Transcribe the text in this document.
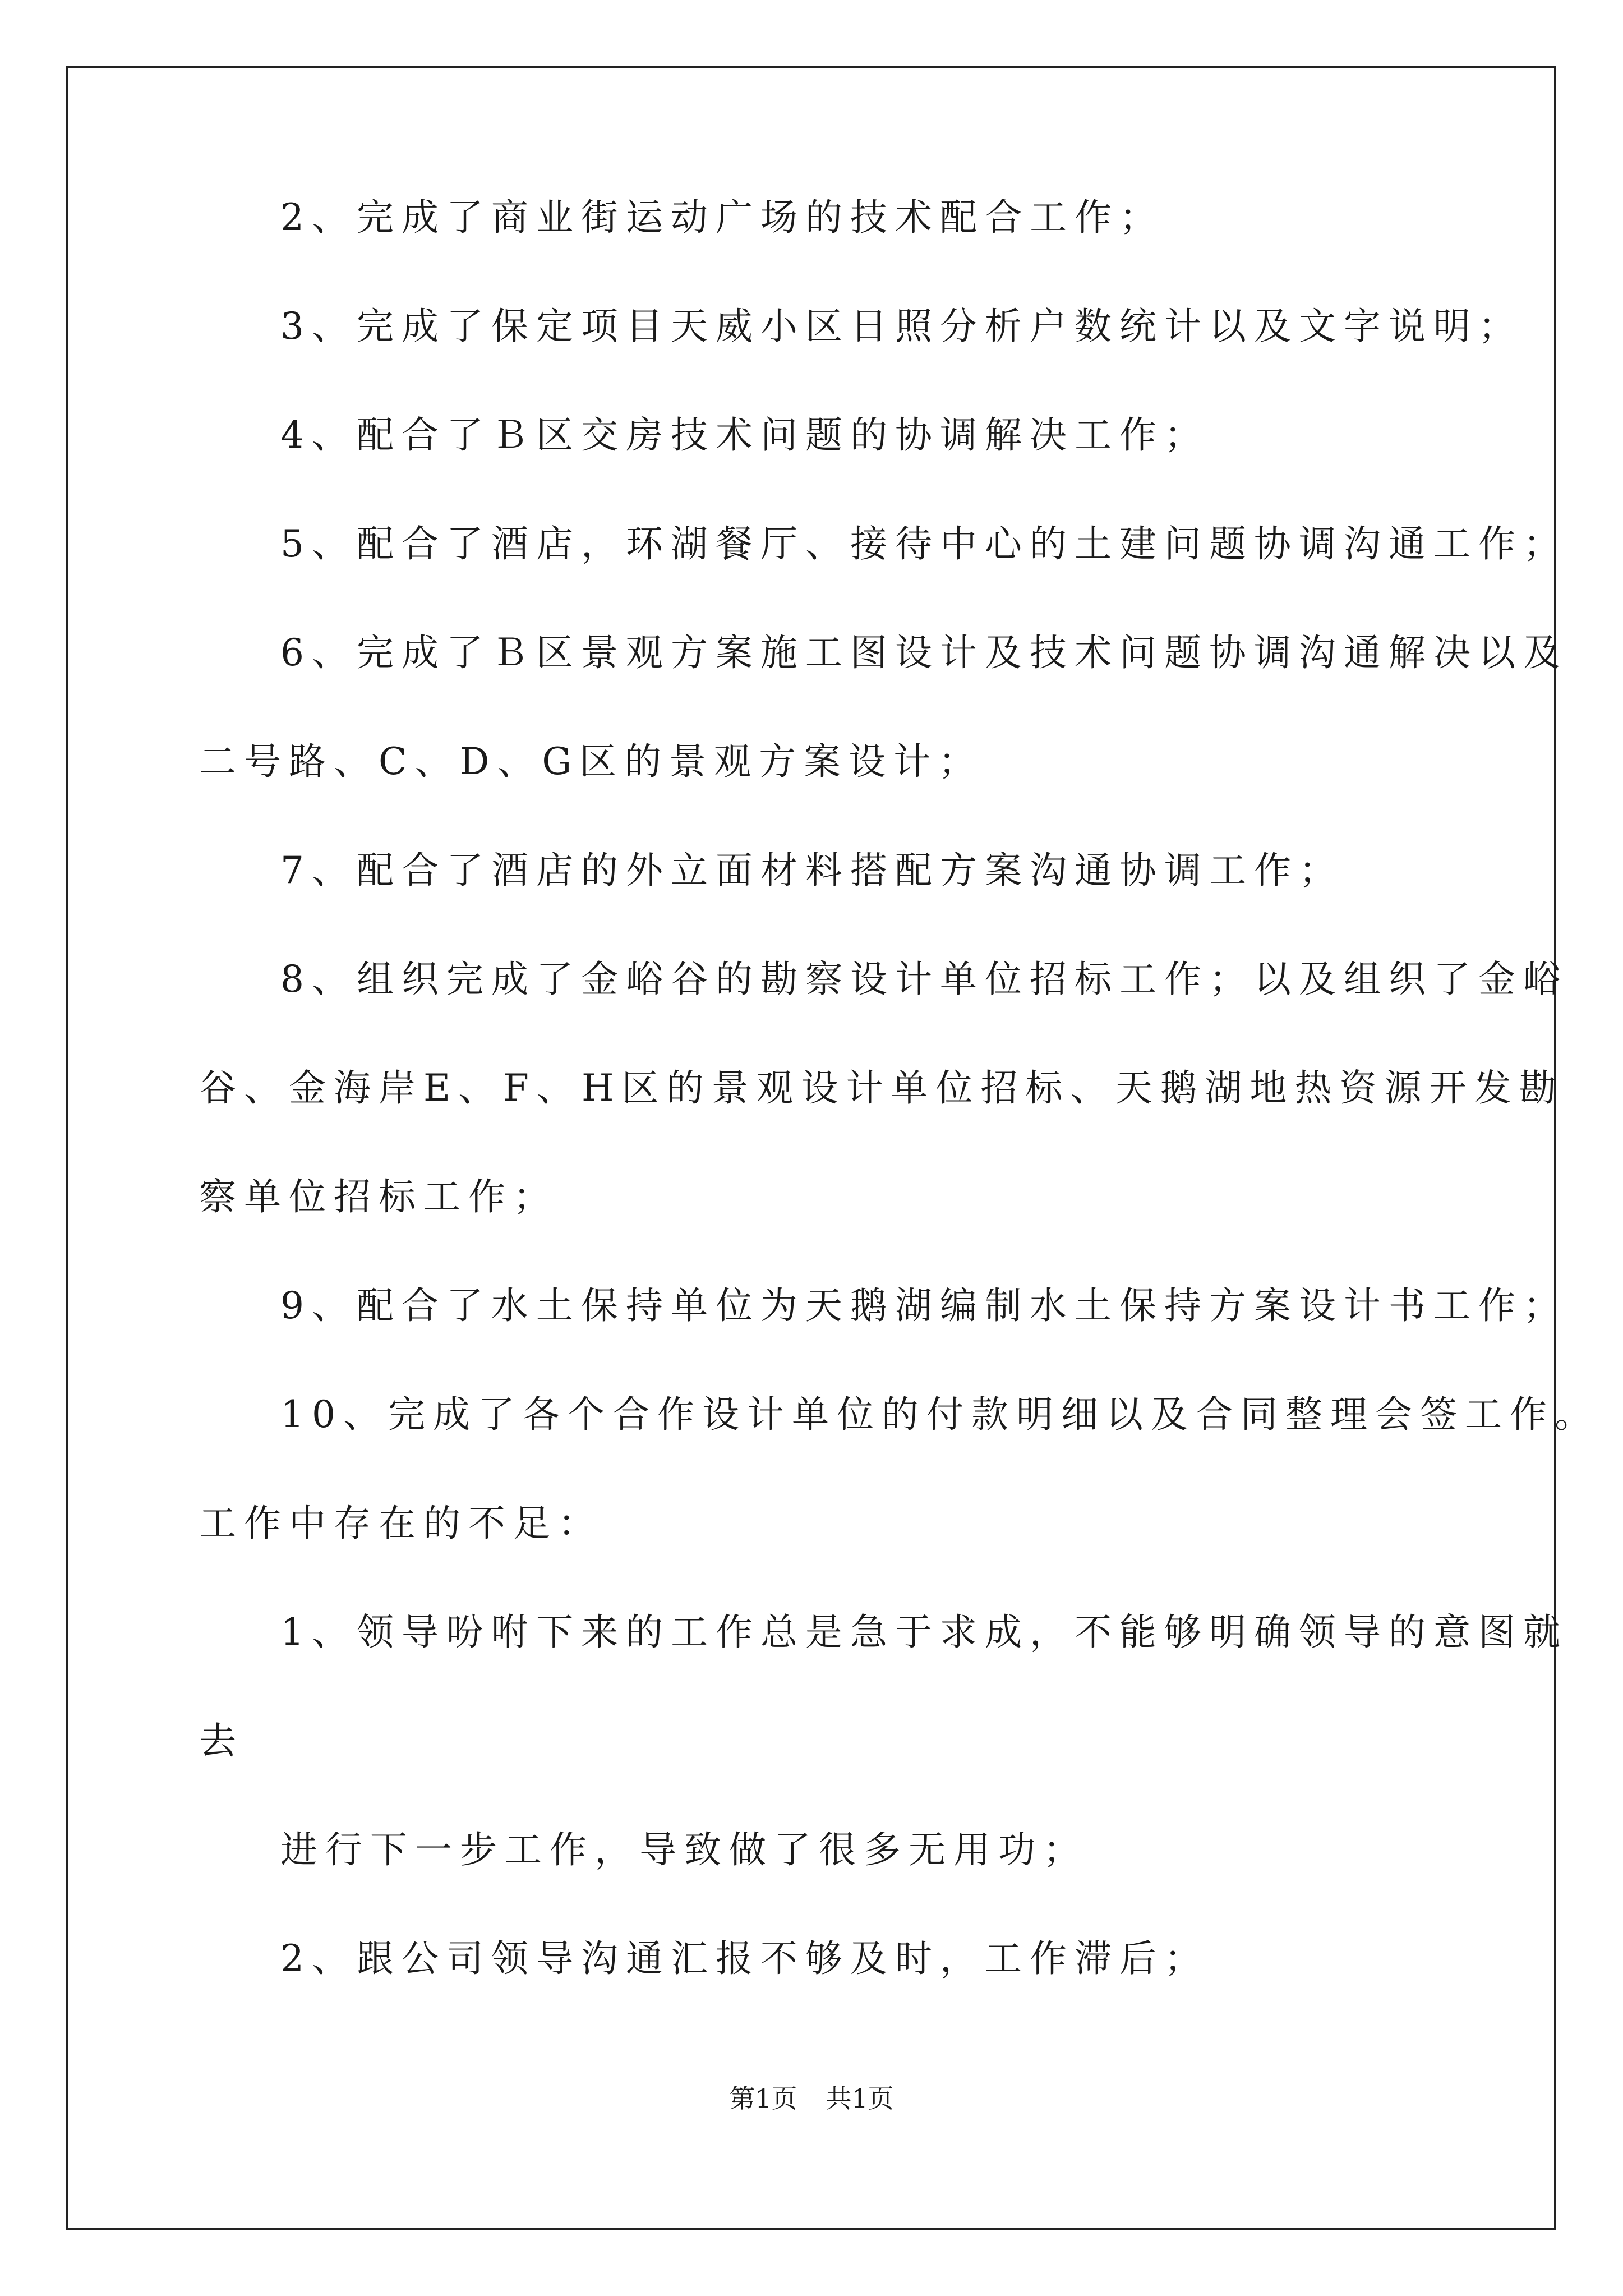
2、完成了商业街运动广场的技术配合工作；
3、完成了保定项目天威小区日照分析户数统计以及文字说明；
4、配合了Ｂ区交房技术问题的协调解决工作；
5、配合了酒店，环湖餐厅、接待中心的土建问题协调沟通工作；
6、完成了Ｂ区景观方案施工图设计及技术问题协调沟通解决以及
二号路、C、D、G区的景观方案设计；
7、配合了酒店的外立面材料搭配方案沟通协调工作；
8、组织完成了金峪谷的勘察设计单位招标工作；以及组织了金峪
谷、金海岸E、F、H区的景观设计单位招标、天鹅湖地热资源开发勘
察单位招标工作；
9、配合了水土保持单位为天鹅湖编制水土保持方案设计书工作；
10、完成了各个合作设计单位的付款明细以及合同整理会签工作。
工作中存在的不足：
1、领导吩咐下来的工作总是急于求成，不能够明确领导的意图就
去
进行下一步工作，导致做了很多无用功；
2、跟公司领导沟通汇报不够及时，工作滞后；
第1页 共1页
